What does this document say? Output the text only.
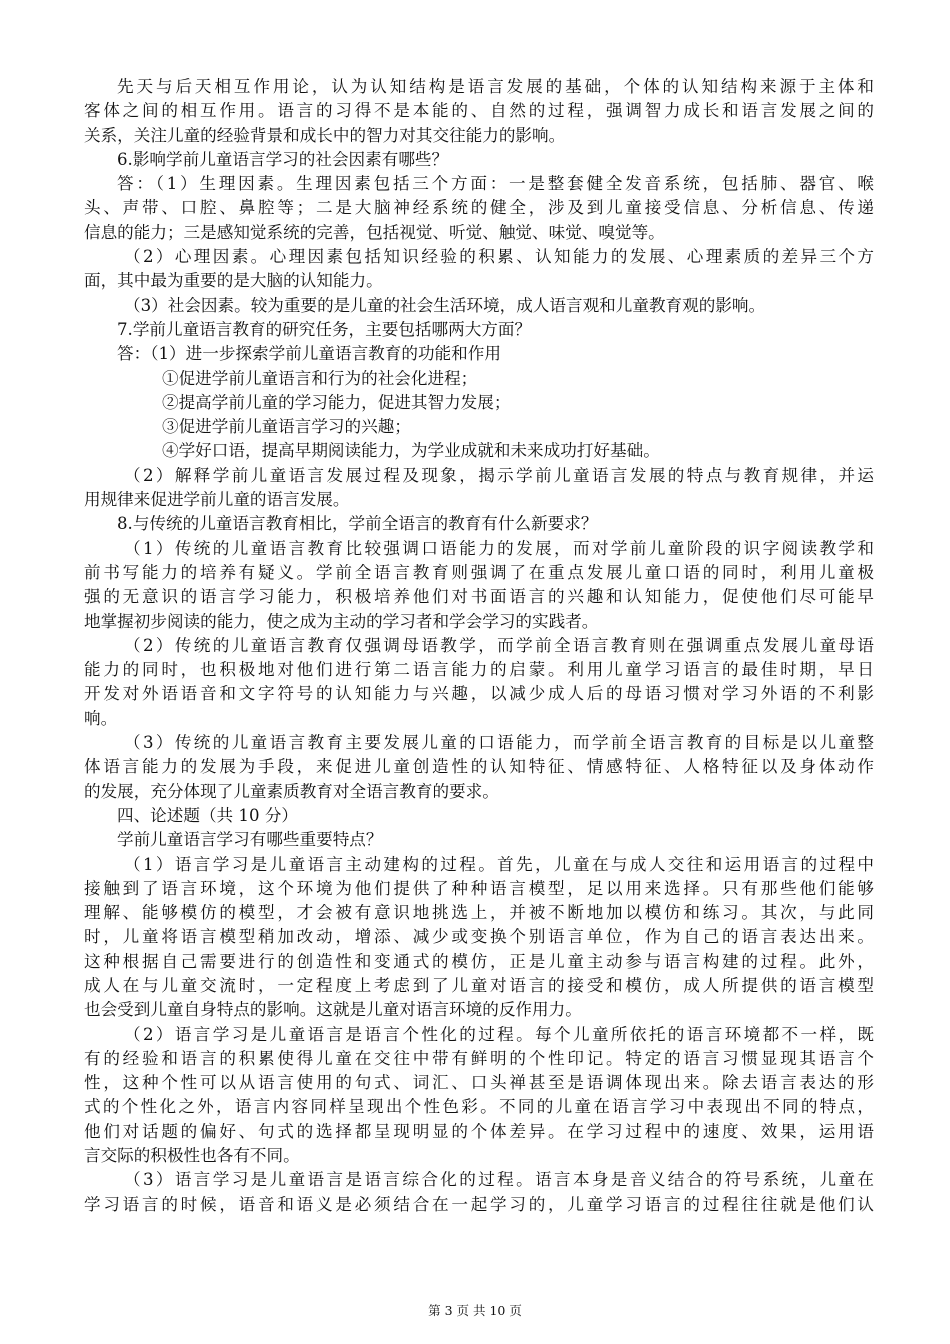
先天与后天相互作用论，认为认知结构是语言发展的基础，个体的认知结构来源于主体和
客体之间的相互作用。语言的习得不是本能的、自然的过程，强调智力成长和语言发展之间的
关系，关注儿童的经验背景和成长中的智力对其交往能力的影响。
6.影响学前儿童语言学习的社会因素有哪些？
答：（1）生理因素。生理因素包括三个方面：一是整套健全发音系统，包括肺、器官、喉
头、声带、口腔、鼻腔等；二是大脑神经系统的健全，涉及到儿童接受信息、分析信息、传递
信息的能力；三是感知觉系统的完善，包括视觉、听觉、触觉、味觉、嗅觉等。
（2）心理因素。心理因素包括知识经验的积累、认知能力的发展、心理素质的差异三个方
面，其中最为重要的是大脑的认知能力。
（3）社会因素。较为重要的是儿童的社会生活环境，成人语言观和儿童教育观的影响。
7.学前儿童语言教育的研究任务，主要包括哪两大方面？
答：（1）进一步探索学前儿童语言教育的功能和作用
①促进学前儿童语言和行为的社会化进程；
②提高学前儿童的学习能力，促进其智力发展；
③促进学前儿童语言学习的兴趣；
④学好口语，提高早期阅读能力，为学业成就和未来成功打好基础。
（2）解释学前儿童语言发展过程及现象，揭示学前儿童语言发展的特点与教育规律，并运
用规律来促进学前儿童的语言发展。
8.与传统的儿童语言教育相比，学前全语言的教育有什么新要求？
（1）传统的儿童语言教育比较强调口语能力的发展，而对学前儿童阶段的识字阅读教学和
前书写能力的培养有疑义。学前全语言教育则强调了在重点发展儿童口语的同时，利用儿童极
强的无意识的语言学习能力，积极培养他们对书面语言的兴趣和认知能力，促使他们尽可能早
地掌握初步阅读的能力，使之成为主动的学习者和学会学习的实践者。
（2）传统的儿童语言教育仅强调母语教学，而学前全语言教育则在强调重点发展儿童母语
能力的同时，也积极地对他们进行第二语言能力的启蒙。利用儿童学习语言的最佳时期，早日
开发对外语语音和文字符号的认知能力与兴趣，以减少成人后的母语习惯对学习外语的不利影
响。
（3）传统的儿童语言教育主要发展儿童的口语能力，而学前全语言教育的目标是以儿童整
体语言能力的发展为手段，来促进儿童创造性的认知特征、情感特征、人格特征以及身体动作
的发展，充分体现了儿童素质教育对全语言教育的要求。
四、论述题（共 10 分）
学前儿童语言学习有哪些重要特点？
（1）语言学习是儿童语言主动建构的过程。首先，儿童在与成人交往和运用语言的过程中
接触到了语言环境，这个环境为他们提供了种种语言模型，足以用来选择。只有那些他们能够
理解、能够模仿的模型，才会被有意识地挑选上，并被不断地加以模仿和练习。其次，与此同
时，儿童将语言模型稍加改动，增添、减少或变换个别语言单位，作为自己的语言表达出来。
这种根据自己需要进行的创造性和变通式的模仿，正是儿童主动参与语言构建的过程。此外，
成人在与儿童交流时，一定程度上考虑到了儿童对语言的接受和模仿，成人所提供的语言模型
也会受到儿童自身特点的影响。这就是儿童对语言环境的反作用力。
（2）语言学习是儿童语言是语言个性化的过程。每个儿童所依托的语言环境都不一样，既
有的经验和语言的积累使得儿童在交往中带有鲜明的个性印记。特定的语言习惯显现其语言个
性，这种个性可以从语言使用的句式、词汇、口头禅甚至是语调体现出来。除去语言表达的形
式的个性化之外，语言内容同样呈现出个性色彩。不同的儿童在语言学习中表现出不同的特点，
他们对话题的偏好、句式的选择都呈现明显的个体差异。在学习过程中的速度、效果，运用语
言交际的积极性也各有不同。
（3）语言学习是儿童语言是语言综合化的过程。语言本身是音义结合的符号系统，儿童在
学习语言的时候，语音和语义是必须结合在一起学习的，儿童学习语言的过程往往就是他们认
第 3 页 共 10 页
